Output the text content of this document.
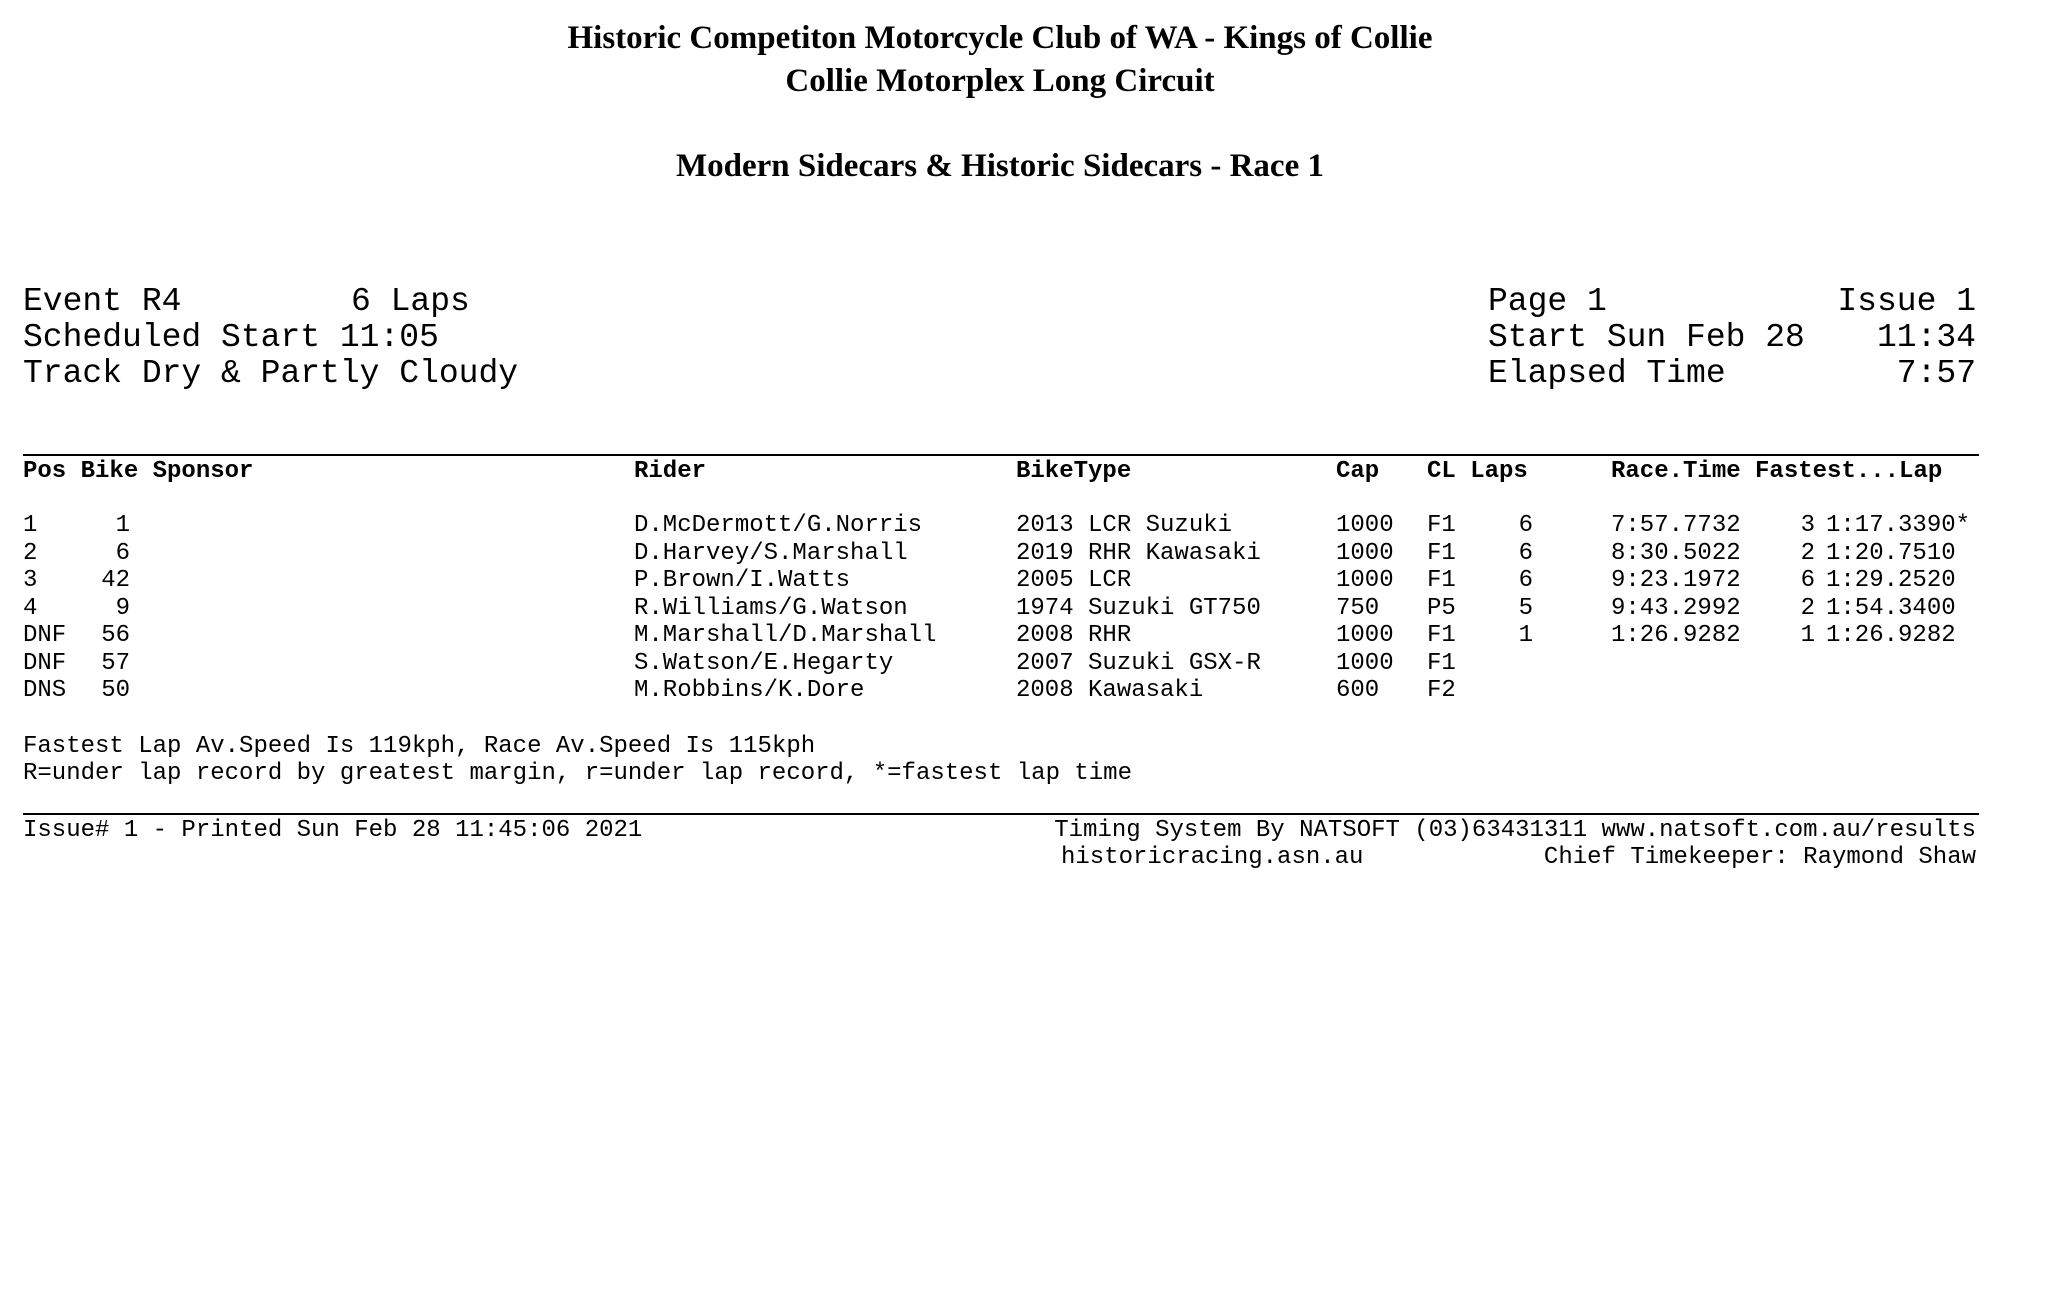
Historic Competiton Motorcycle Club of WA - Kings of Collie
Collie Motorplex Long Circuit
Modern Sidecars & Historic Sidecars - Race 1
Event R4	6 Laps
Scheduled Start 11:05
Track Dry & Partly Cloudy
Page 1	Issue 1
Start Sun Feb 28	11:34
Elapsed Time	7:57
Pos Bike Sponsor	Rider	BikeType	Cap CL Laps	Race.Time Fastest...Lap
1	1	D.McDermott/G.Norris	2013 LCR Suzuki	1000	F1	6	7:57.7732	3 1:17.3390*
2	6	D.Harvey/S.Marshall	2019 RHR Kawasaki	1000	F1	6	8:30.5022	2 1:20.7510
3	42	P.Brown/I.Watts	2005 LCR	1000	F1	6	9:23.1972	6 1:29.2520
4	9	R.Williams/G.Watson	1974 Suzuki GT750	750	P5	5	9:43.2992	2 1:54.3400
DNF	56	M.Marshall/D.Marshall	2008 RHR	1000	F1	1	1:26.9282	1 1:26.9282
DNF	57	S.Watson/E.Hegarty	2007 Suzuki GSX-R	1000	F1
DNS	50	M.Robbins/K.Dore	2008 Kawasaki	600	F2
Fastest Lap Av.Speed Is 119kph, Race Av.Speed Is 115kph
R=under lap record by greatest margin, r=under lap record, *=fastest lap time
Issue# 1 - Printed Sun Feb 28 11:45:06 2021	Timing System By NATSOFT (03)63431311 www.natsoft.com.au/results
historicracing.asn.au	Chief Timekeeper: Raymond Shaw
